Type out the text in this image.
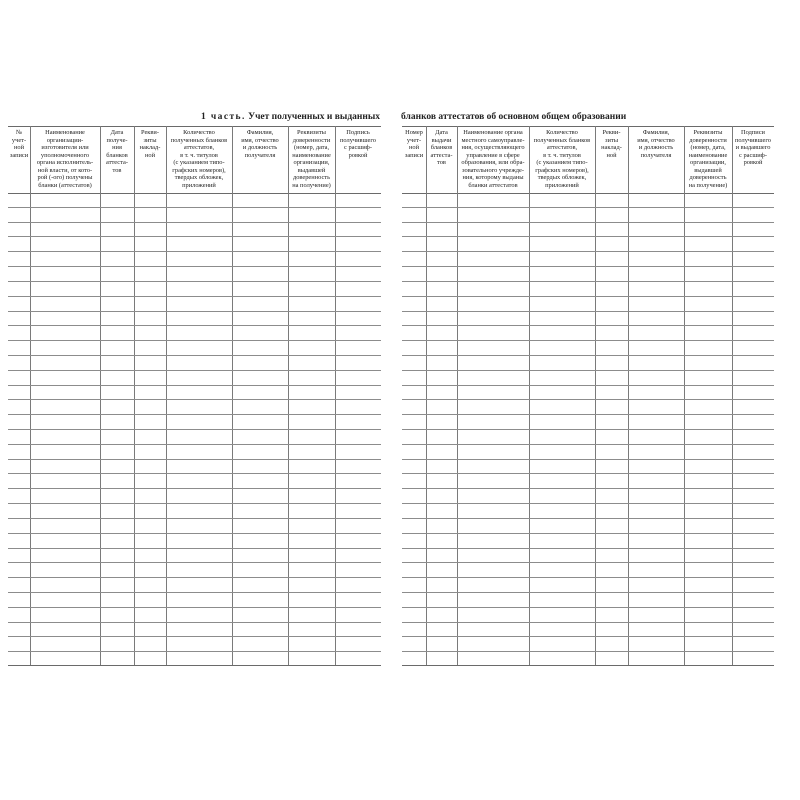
1 часть. Учет полученных и выданных бланков аттестатов об основном общем образовании
№
учет-
ной
записи
Наименование
организации-
изготовителя или
уполномоченного
органа исполнитель-
ной власти, от кото-
рой (-ого) получены
бланки (аттестатов)
Дата
получе-
ния
бланков
аттеста-
тов
Рекви-
зиты
наклад-
ной
Количество
полученных бланков
аттестатов,
в т. ч. титулов
(с указанием типо-
графских номеров),
твердых обложек,
приложений
Фамилия,
имя, отчество
и должность
получателя
Реквизиты
доверенности
(номер, дата,
наименование
организации,
выдавшей
доверенность
на получение)
Подпись
получившего
с расшиф-
ровкой
Номер
учет-
ной
записи
Дата
выдачи
бланков
аттеста-
тов
Наименование органа
местного самоуправле-
ния, осуществляющего
управление в сфере
образования, или обра-
зовательного учрежде-
ния, которому выданы
бланки аттестатов
Количество
полученных бланков
аттестатов,
в т. ч. титулов
(с указанием типо-
графских номеров),
твердых обложек,
приложений
Рекви-
зиты
наклад-
ной
Фамилия,
имя, отчество
и должность
получателя
Реквизиты
доверенности
(номер, дата,
наименование
организации,
выдавшей
доверенность
на получение)
Подписи
получившего
и выдавшего
с расшиф-
ровкой
